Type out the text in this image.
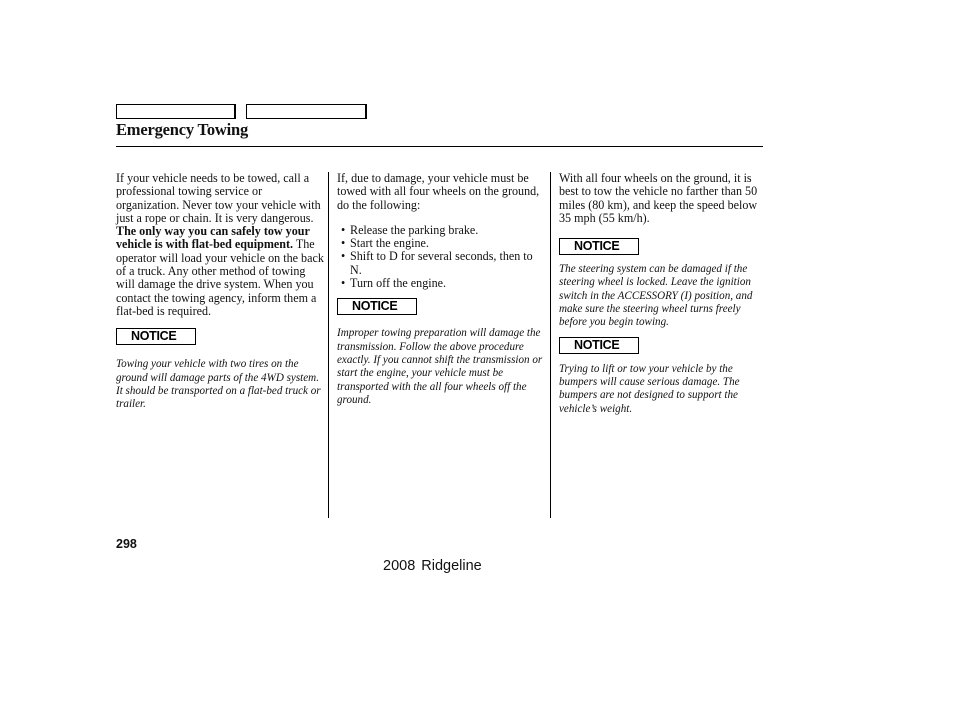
Emergency Towing

If your vehicle needs to be towed, call a professional towing service or organization. Never tow your vehicle with just a rope or chain. It is very dangerous.

The only way you can safely tow your vehicle is with flat-bed equipment. The operator will load your vehicle on the back of a truck. Any other method of towing will damage the drive system. When you contact the towing agency, inform them a flat-bed is required.

NOTICE

Towing your vehicle with two tires on the ground will damage parts of the 4WD system. It should be transported on a flat-bed truck or trailer.

If, due to damage, your vehicle must be towed with all four wheels on the ground, do the following:

• Release the parking brake.
• Start the engine.
• Shift to D for several seconds, then to N.
• Turn off the engine.
NOTICE

Improper towing preparation will damage the transmission. Follow the above procedure exactly. If you cannot shift the transmission or start the engine, your vehicle must be transported with the all four wheels off the ground.

With all four wheels on the ground, it is best to tow the vehicle no farther than 50 miles (80 km), and keep the speed below 35 mph (55 km/h).

NOTICE

The steering system can be damaged if the steering wheel is locked. Leave the ignition switch in the ACCESSORY (I) position, and make sure the steering wheel turns freely before you begin towing.

NOTICE

Trying to lift or tow your vehicle by the bumpers will cause serious damage. The bumpers are not designed to support the vehicle’s weight.

298
2008 Ridgeline
